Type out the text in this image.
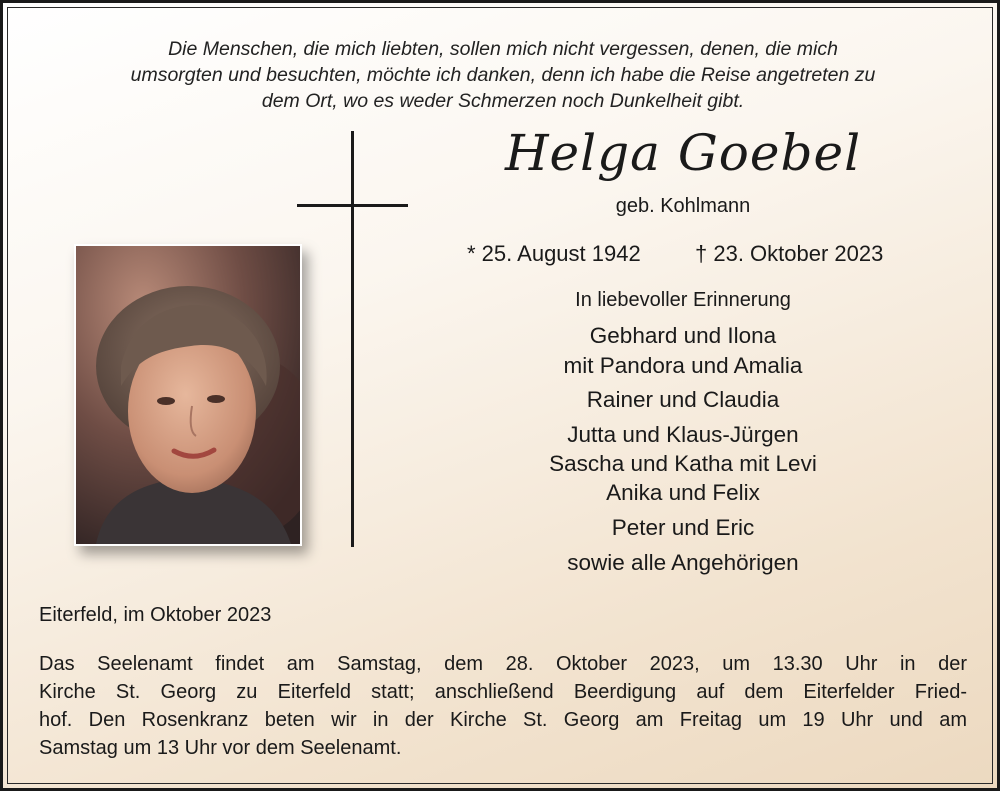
Die Menschen, die mich liebten, sollen mich nicht vergessen, denen, die mich
umsorgten und besuchten, möchte ich danken, denn ich habe die Reise angetreten zu
dem Ort, wo es weder Schmerzen noch Dunkelheit gibt.
Helga Goebel
geb. Kohlmann
* 25. August 1942 † 23. Oktober 2023
In liebevoller Erinnerung
Gebhard und Ilona
mit Pandora und Amalia
Rainer und Claudia
Jutta und Klaus-Jürgen
Sascha und Katha mit Levi
Anika und Felix
Peter und Eric
sowie alle Angehörigen
Eiterfeld, im Oktober 2023
Das Seelenamt findet am Samstag, dem 28. Oktober 2023, um 13.30 Uhr in der
Kirche St. Georg zu Eiterfeld statt; anschließend Beerdigung auf dem Eiterfelder Fried-
hof. Den Rosenkranz beten wir in der Kirche St. Georg am Freitag um 19 Uhr und am
Samstag um 13 Uhr vor dem Seelenamt.
